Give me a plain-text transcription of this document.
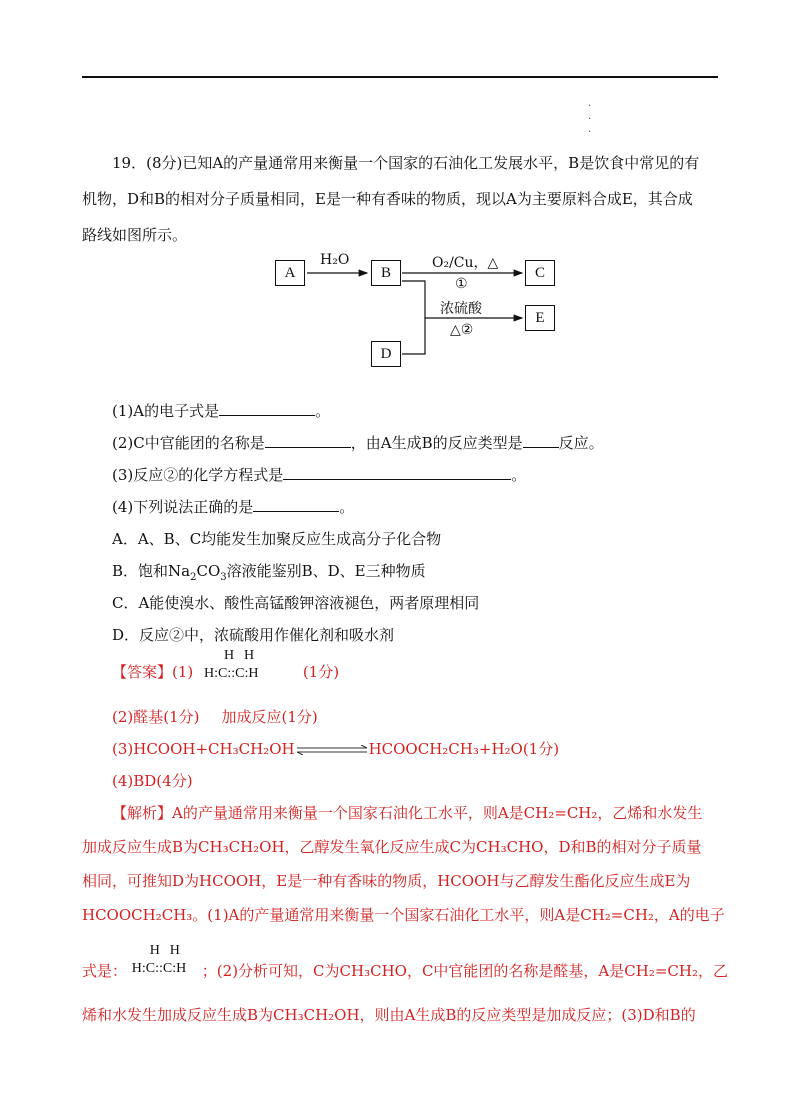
·
·
·
19．(8分)已知A的产量通常用来衡量一个国家的石油化工发展水平，B是饮食中常见的有
机物，D和B的相对分子质量相同，E是一种有香味的物质，现以A为主要原料合成E，其合成
路线如图所示。
A	B	C
E
D
H₂O	O₂/Cu，△
①
浓硫酸
△②
(1)A的电子式是	。
(2)C中官能团的名称是	，由A生成B的反应类型是 反应。
(3)反应②的化学方程式是	。
(4)下列说法正确的是	。
A．A、B、C均能发生加聚反应生成高分子化合物
B．饱和$Na_2CO_3$溶液能鉴别B、D、E三种物质
C．A能使溴水、酸性高锰酸钾溶液褪色，两者原理相同
D．反应②中，浓硫酸用作催化剂和吸水剂
【答案】(1)
H H
H:C::C:H	(1分)
(2)醛基(1分) 加成反应(1分)
(3)HCOOH+CH₃CH₂OH	HCOOCH₂CH₃+H₂O(1分)
(4)BD(4分)
【解析】A的产量通常用来衡量一个国家石油化工水平，则A是CH₂=CH₂，乙烯和水发生
加成反应生成B为CH₃CH₂OH，乙醇发生氧化反应生成C为CH₃CHO，D和B的相对分子质量
相同，可推知D为HCOOH，E是一种有香味的物质，HCOOH与乙醇发生酯化反应生成E为
HCOOCH₂CH₃。(1)A的产量通常用来衡量一个国家石油化工水平，则A是CH₂=CH₂，A的电子
式是：
H H
H:C::C:H ；(2)分析可知，C为CH₃CHO，C中官能团的名称是醛基，A是CH₂=CH₂，乙
烯和水发生加成反应生成B为CH₃CH₂OH，则由A生成B的反应类型是加成反应；(3)D和B的
